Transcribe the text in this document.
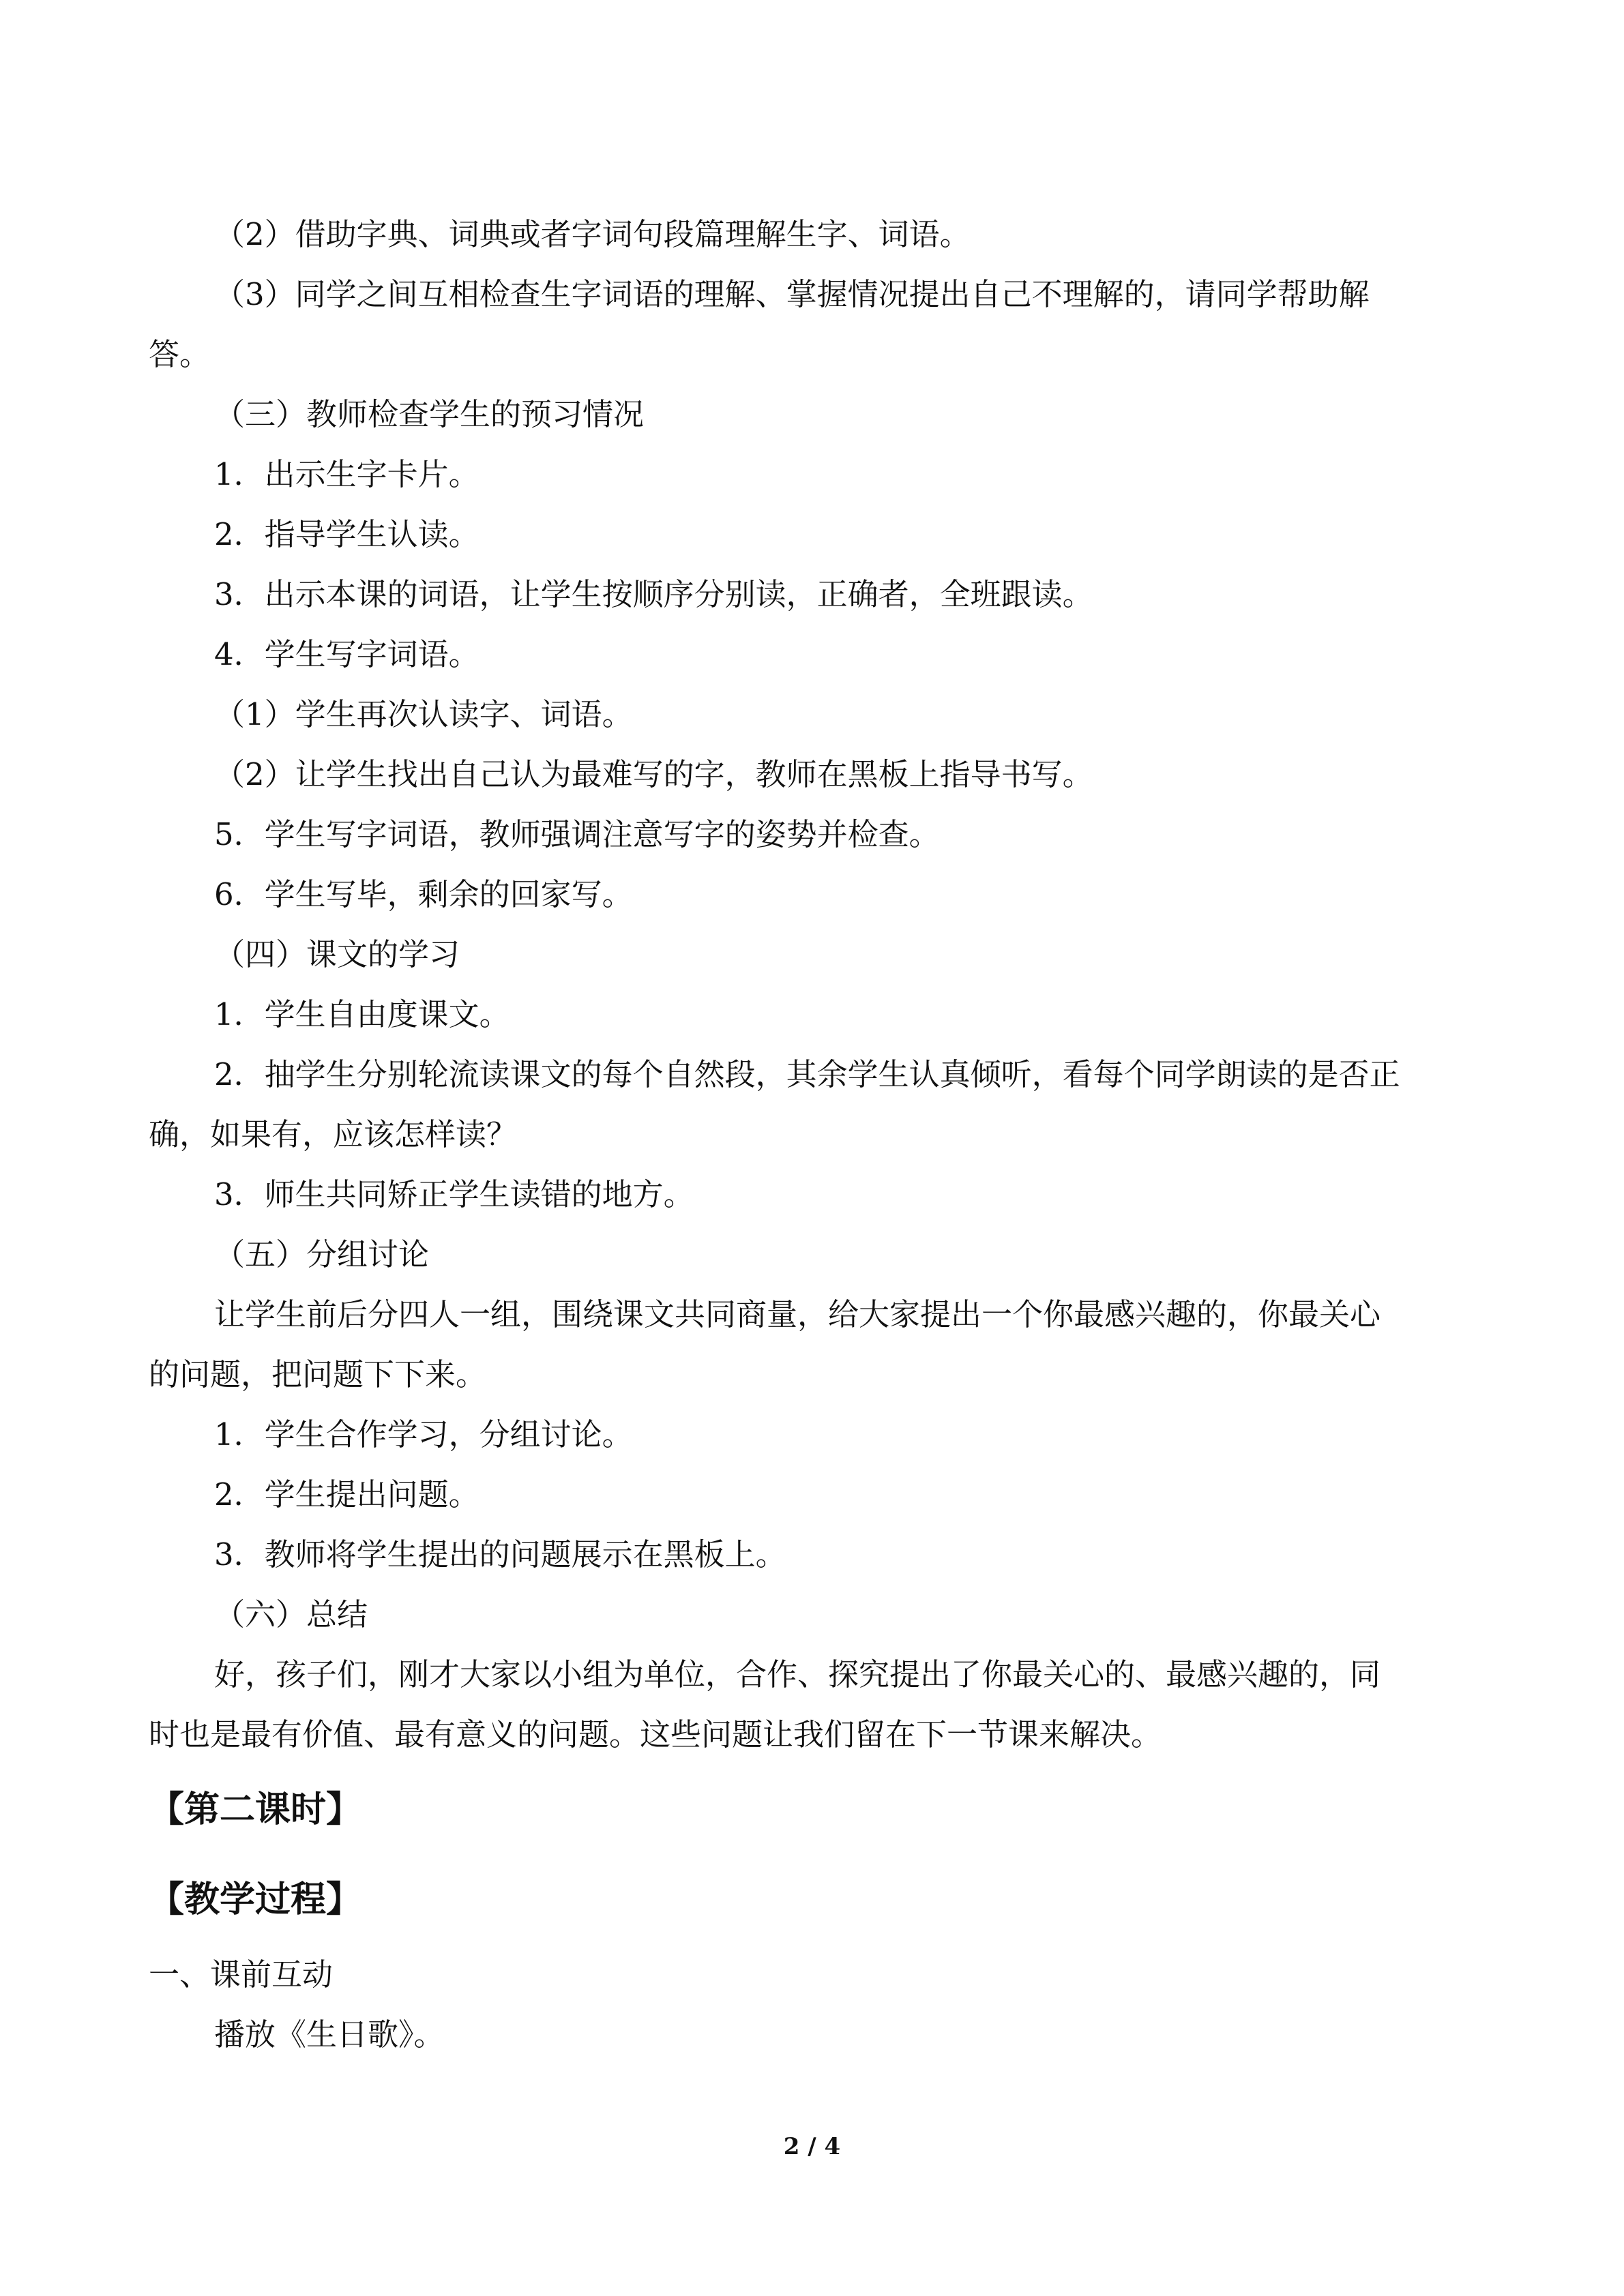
（2）借助字典、词典或者字词句段篇理解生字、词语。

（3）同学之间互相检查生字词语的理解、掌握情况提出自己不理解的，请同学帮助解

答。

（三）教师检查学生的预习情况

1．出示生字卡片。

2．指导学生认读。

3．出示本课的词语，让学生按顺序分别读，正确者，全班跟读。

4．学生写字词语。

（1）学生再次认读字、词语。

（2）让学生找出自己认为最难写的字，教师在黑板上指导书写。

5．学生写字词语，教师强调注意写字的姿势并检查。

6．学生写毕，剩余的回家写。

（四）课文的学习

1．学生自由度课文。

2．抽学生分别轮流读课文的每个自然段，其余学生认真倾听，看每个同学朗读的是否正

确，如果有，应该怎样读？

3．师生共同矫正学生读错的地方。

（五）分组讨论

让学生前后分四人一组，围绕课文共同商量，给大家提出一个你最感兴趣的，你最关心

的问题，把问题下下来。

1．学生合作学习，分组讨论。

2．学生提出问题。

3．教师将学生提出的问题展示在黑板上。

（六）总结

好，孩子们，刚才大家以小组为单位，合作、探究提出了你最关心的、最感兴趣的，同

时也是最有价值、最有意义的问题。这些问题让我们留在下一节课来解决。

【第二课时】

【教学过程】

一、课前互动

播放《生日歌》。

2 / 4
